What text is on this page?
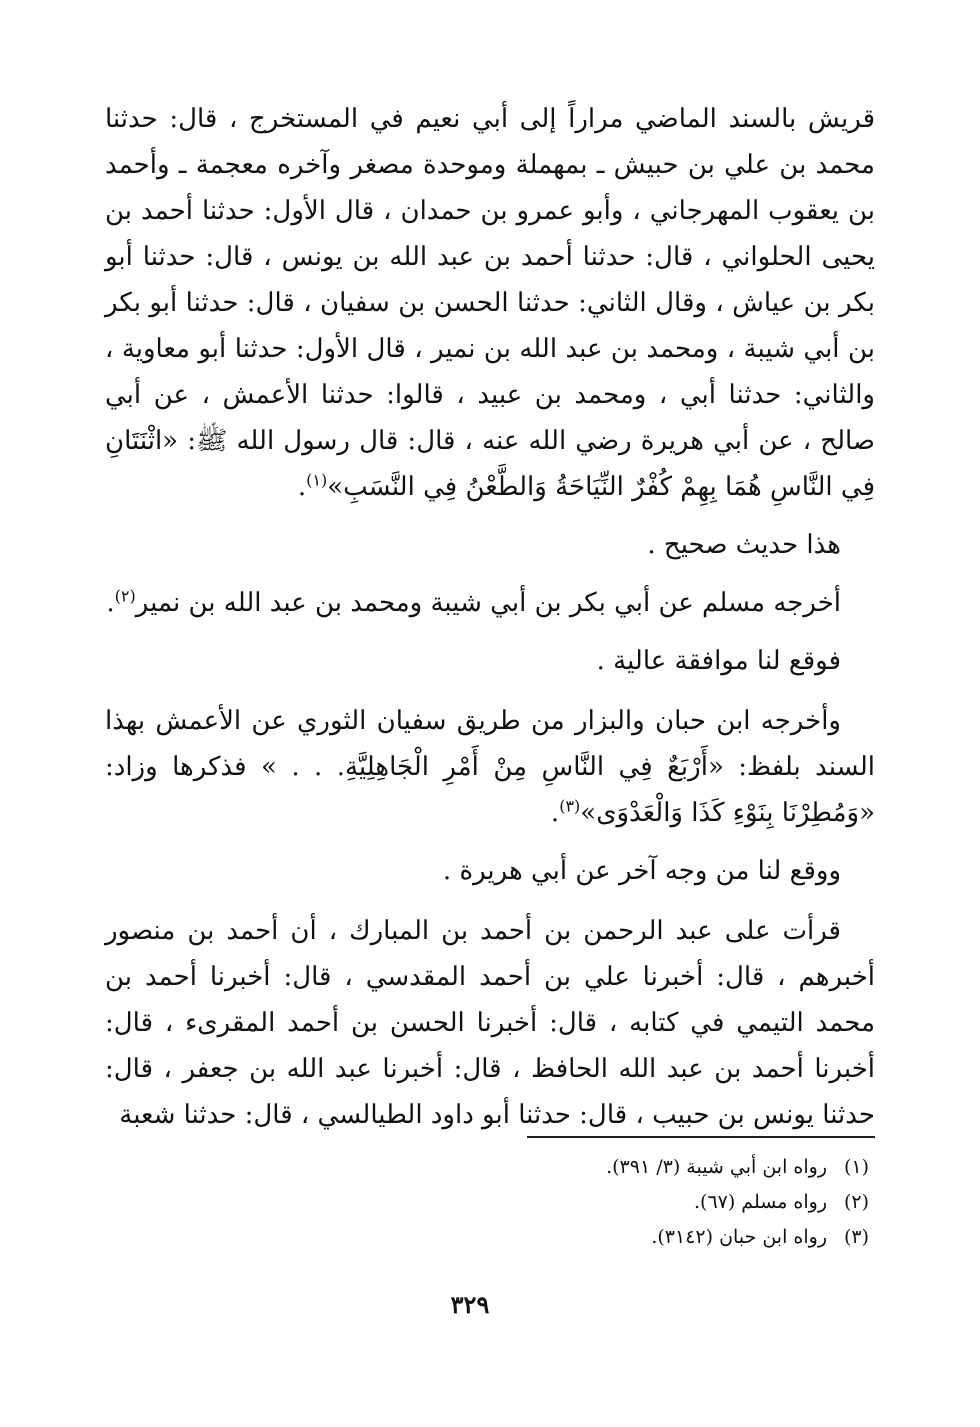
قريش بالسند الماضي مراراً إلى أبي نعيم في المستخرج ، قال: حدثنا محمد بن علي بن حبيش ـ بمهملة وموحدة مصغر وآخره معجمة ـ وأحمد بن يعقوب المهرجاني ، وأبو عمرو بن حمدان ، قال الأول: حدثنا أحمد بن يحيى الحلواني ، قال: حدثنا أحمد بن عبد الله بن يونس ، قال: حدثنا أبو بكر بن عياش ، وقال الثاني: حدثنا الحسن بن سفيان ، قال: حدثنا أبو بكر بن أبي شيبة ، ومحمد بن عبد الله بن نمير ، قال الأول: حدثنا أبو معاوية ، والثاني: حدثنا أبي ، ومحمد بن عبيد ، قالوا: حدثنا الأعمش ، عن أبي صالح ، عن أبي هريرة رضي الله عنه ، قال: قال رسول الله ﷺ: «اثْنَتَانِ فِي النَّاسِ هُمَا بِهِمْ كُفْرٌ النِّيَاحَةُ وَالطَّعْنُ فِي النَّسَبِ»$^{(١)}$.

هذا حديث صحيح .

أخرجه مسلم عن أبي بكر بن أبي شيبة ومحمد بن عبد الله بن نمير$^{(٢)}$.

فوقع لنا موافقة عالية .

وأخرجه ابن حبان والبزار من طريق سفيان الثوري عن الأعمش بهذا السند بلفظ: «أَرْبَعٌ فِي النَّاسِ مِنْ أَمْرِ الْجَاهِلِيَّةِ. . . » فذكرها وزاد: «وَمُطِرْنَا بِنَوْءِ كَذَا وَالْعَدْوَى»$^{(٣)}$.

ووقع لنا من وجه آخر عن أبي هريرة .

قرأت على عبد الرحمن بن أحمد بن المبارك ، أن أحمد بن منصور أخبرهم ، قال: أخبرنا علي بن أحمد المقدسي ، قال: أخبرنا أحمد بن محمد التيمي في كتابه ، قال: أخبرنا الحسن بن أحمد المقرىء ، قال: أخبرنا أحمد بن عبد الله الحافظ ، قال: أخبرنا عبد الله بن جعفر ، قال: حدثنا يونس بن حبيب ، قال: حدثنا أبو داود الطيالسي ، قال: حدثنا شعبة

(١)
رواه ابن أبي شيبة (٣/ ٣٩١).
(٢)
رواه مسلم (٦٧).
(٣)
رواه ابن حبان (٣١٤٢).
٣٢٩
